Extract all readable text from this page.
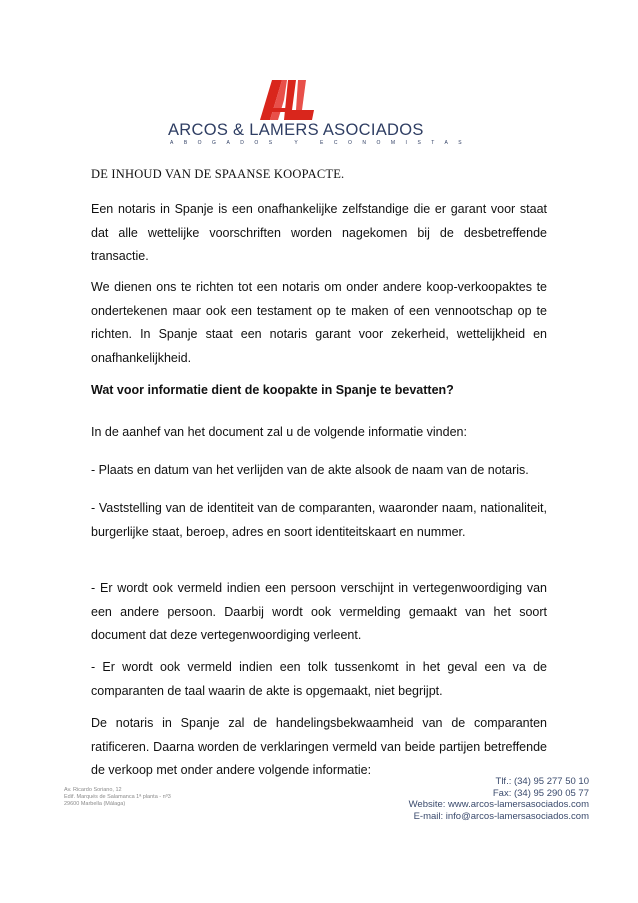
ARCOS & LAMERS ASOCIADOS
ABOGADOS Y ECONOMISTAS
DE INHOUD VAN DE SPAANSE KOOPACTE.
Een notaris in Spanje is een onafhankelijke zelfstandige die er garant voor staat dat alle wettelijke voorschriften worden nagekomen bij de desbetreffende transactie.
We dienen ons te richten tot een notaris om onder andere koop-verkoopaktes te ondertekenen maar ook een testament op te maken of een vennootschap op te richten. In Spanje staat een notaris garant voor zekerheid, wettelijkheid en onafhankelijkheid.
Wat voor informatie dient de koopakte in Spanje te bevatten?
In de aanhef van het document zal u de volgende informatie vinden:
- Plaats en datum van het verlijden van de akte alsook de naam van de notaris.
- Vaststelling van de identiteit van de comparanten, waaronder naam, nationaliteit, burgerlijke staat, beroep, adres en soort identiteitskaart en nummer.
- Er wordt ook vermeld indien een persoon verschijnt in vertegenwoordiging van een andere persoon. Daarbij wordt ook vermelding gemaakt van het soort document dat deze vertegenwoordiging verleent.
- Er wordt ook vermeld indien een tolk tussenkomt in het geval een va de comparanten de taal waarin de akte is opgemaakt, niet begrijpt.
De notaris in Spanje zal de handelingsbekwaamheid van de comparanten ratificeren. Daarna worden de verklaringen vermeld van beide partijen betreffende de verkoop met onder andere volgende informatie:
Av. Ricardo Soriano, 12
Edif. Marqués de Salamanca 1ª planta - nº3
29600 Marbella (Málaga)
Tlf.: (34) 95 277 50 10
Fax: (34) 95 290 05 77
Website: www.arcos-lamersasociados.com
E-mail: info@arcos-lamersasociados.com
